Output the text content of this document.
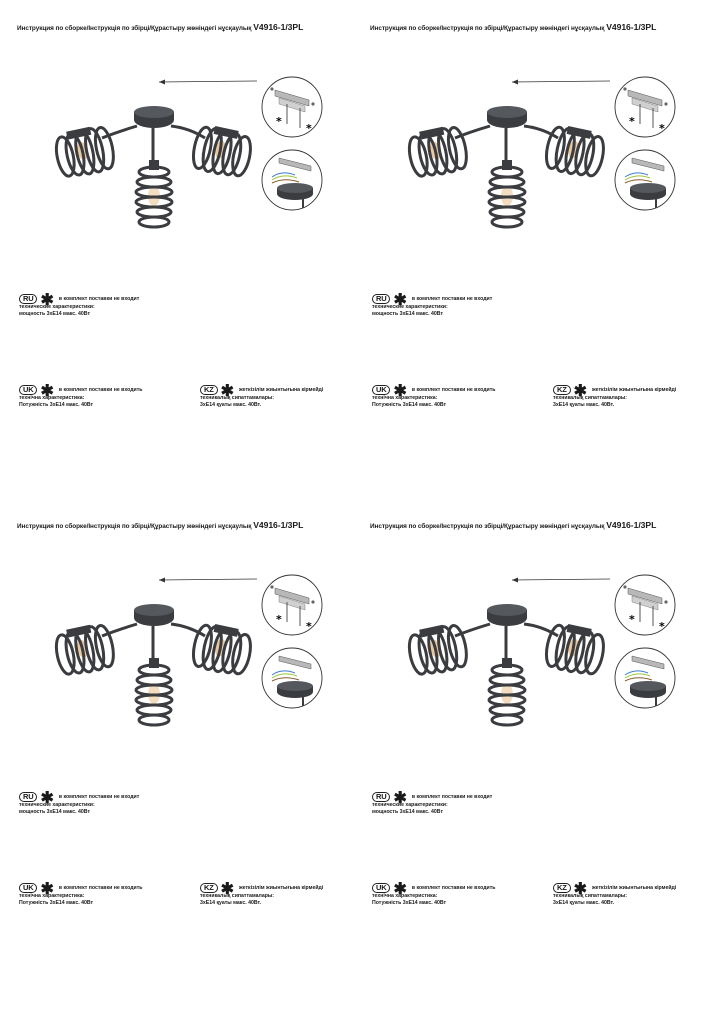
Инструкция по сборке/Інструкція по збірці/Құрастыру жөніндегі нұсқаулық V4916-1/3PL
*
*
RU ✱ в комплект поставки не входит
технические характеристики:
мощность 3хЕ14 макс. 40Вт
UK ✱ в комплект поставки не входить
технічна характеристика:
Потужність 3хЕ14 макс. 40Вт
KZ ✱ жеткізілім жиынтығына кірмейді
техникалық сипаттамалары:
3хЕ14 қуаты макс. 40Вт.
Инструкция по сборке/Інструкція по збірці/Құрастыру жөніндегі нұсқаулық V4916-1/3PL
*
*
RU ✱ в комплект поставки не входит
технические характеристики:
мощность 3хЕ14 макс. 40Вт
UK ✱ в комплект поставки не входить
технічна характеристика:
Потужність 3хЕ14 макс. 40Вт
KZ ✱ жеткізілім жиынтығына кірмейді
техникалық сипаттамалары:
3хЕ14 қуаты макс. 40Вт.
Инструкция по сборке/Інструкція по збірці/Құрастыру жөніндегі нұсқаулық V4916-1/3PL
*
*
RU ✱ в комплект поставки не входит
технические характеристики:
мощность 3хЕ14 макс. 40Вт
UK ✱ в комплект поставки не входить
технічна характеристика:
Потужність 3хЕ14 макс. 40Вт
KZ ✱ жеткізілім жиынтығына кірмейді
техникалық сипаттамалары:
3хЕ14 қуаты макс. 40Вт.
Инструкция по сборке/Інструкція по збірці/Құрастыру жөніндегі нұсқаулық V4916-1/3PL
*
*
RU ✱ в комплект поставки не входит
технические характеристики:
мощность 3хЕ14 макс. 40Вт
UK ✱ в комплект поставки не входить
технічна характеристика:
Потужність 3хЕ14 макс. 40Вт
KZ ✱ жеткізілім жиынтығына кірмейді
техникалық сипаттамалары:
3хЕ14 қуаты макс. 40Вт.
